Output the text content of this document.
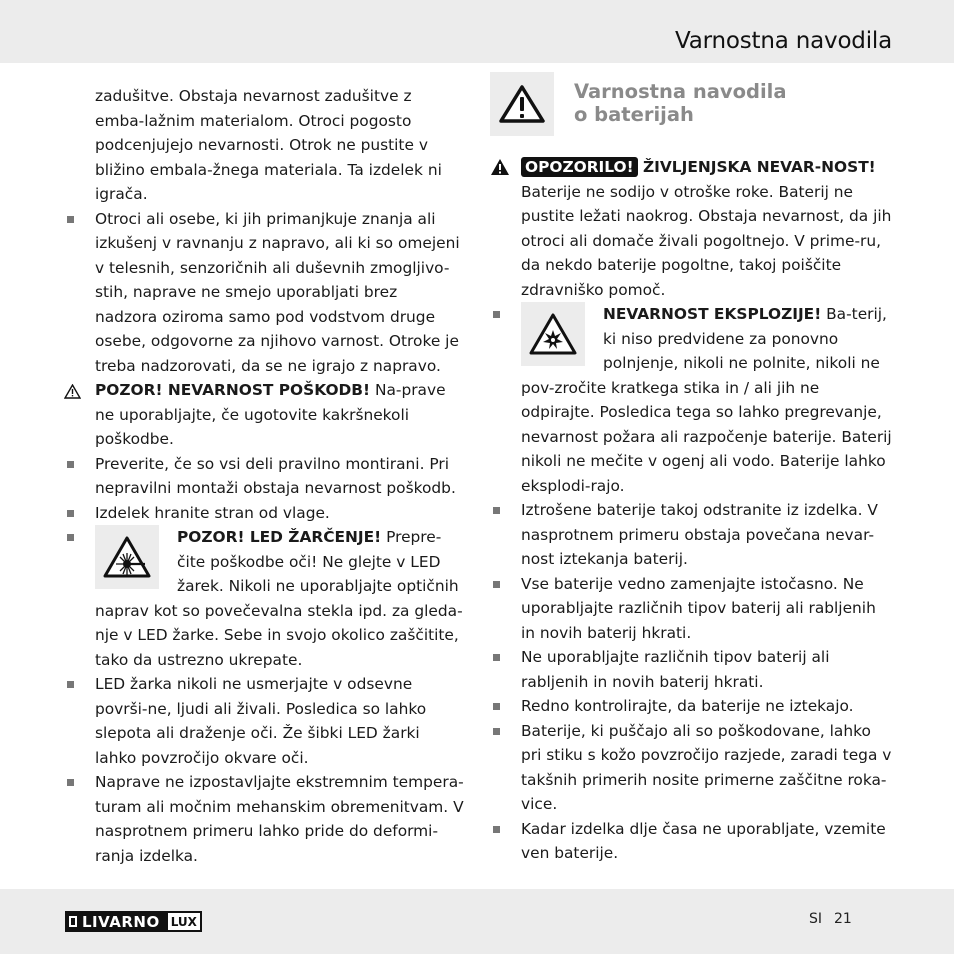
Varnostna navodila
zadušitve. Obstaja nevarnost zadušitve z emba-lažnim materialom. Otroci pogosto podcenjujejo nevarnosti. Otrok ne pustite v bližino embala-žnega materiala. Ta izdelek ni igrača.
Otroci ali osebe, ki jih primanjkuje znanja ali izkušenj v ravnanju z napravo, ali ki so omejeni v telesnih, senzoričnih ali duševnih zmogljivo-stih, naprave ne smejo uporabljati brez nadzora oziroma samo pod vodstvom druge osebe, odgovorne za njihovo varnost. Otroke je treba nadzorovati, da se ne igrajo z napravo.
POZOR! NEVARNOST POŠKODB! Na-prave ne uporabljajte, če ugotovite kakršnekoli poškodbe.
Preverite, če so vsi deli pravilno montirani. Pri nepravilni montaži obstaja nevarnost poškodb.
Izdelek hranite stran od vlage.
POZOR! LED ŽARČENJE! Prepre-čite poškodbe oči! Ne glejte v LED žarek. Nikoli ne uporabljajte optičnih naprav kot so povečevalna stekla ipd. za gleda-nje v LED žarke. Sebe in svojo okolico zaščitite, tako da ustrezno ukrepate.
LED žarka nikoli ne usmerjajte v odsevne površi-ne, ljudi ali živali. Posledica so lahko slepota ali draženje oči. Že šibki LED žarki lahko povzročijo okvare oči.
Naprave ne izpostavljajte ekstremnim tempera-turam ali močnim mehanskim obremenitvam. V nasprotnem primeru lahko pride do deformi-ranja izdelka.
Varnostna navodila
o baterijah
OPOZORILO! ŽIVLJENJSKA NEVAR-NOST! Baterije ne sodijo v otroške roke. Baterij ne pustite ležati naokrog. Obstaja nevarnost, da jih otroci ali domače živali pogoltnejo. V prime-ru, da nekdo baterije pogoltne, takoj poiščite zdravniško pomoč.
NEVARNOST EKSPLOZIJE! Ba-terij, ki niso predvidene za ponovno polnjenje, nikoli ne polnite, nikoli ne pov-zročite kratkega stika in / ali jih ne odpirajte. Posledica tega so lahko pregrevanje, nevarnost požara ali razpočenje baterije. Baterij nikoli ne mečite v ogenj ali vodo. Baterije lahko eksplodi-rajo.
Iztrošene baterije takoj odstranite iz izdelka. V nasprotnem primeru obstaja povečana nevar-nost iztekanja baterij.
Vse baterije vedno zamenjajte istočasno. Ne uporabljajte različnih tipov baterij ali rabljenih in novih baterij hkrati.
Ne uporabljajte različnih tipov baterij ali rabljenih in novih baterij hkrati.
Redno kontrolirajte, da baterije ne iztekajo.
Baterije, ki puščajo ali so poškodovane, lahko pri stiku s kožo povzročijo razjede, zaradi tega v takšnih primerih nosite primerne zaščitne roka-vice.
Kadar izdelka dlje časa ne uporabljate, vzemite ven baterije.
LIVARNO LUX	SI 21
